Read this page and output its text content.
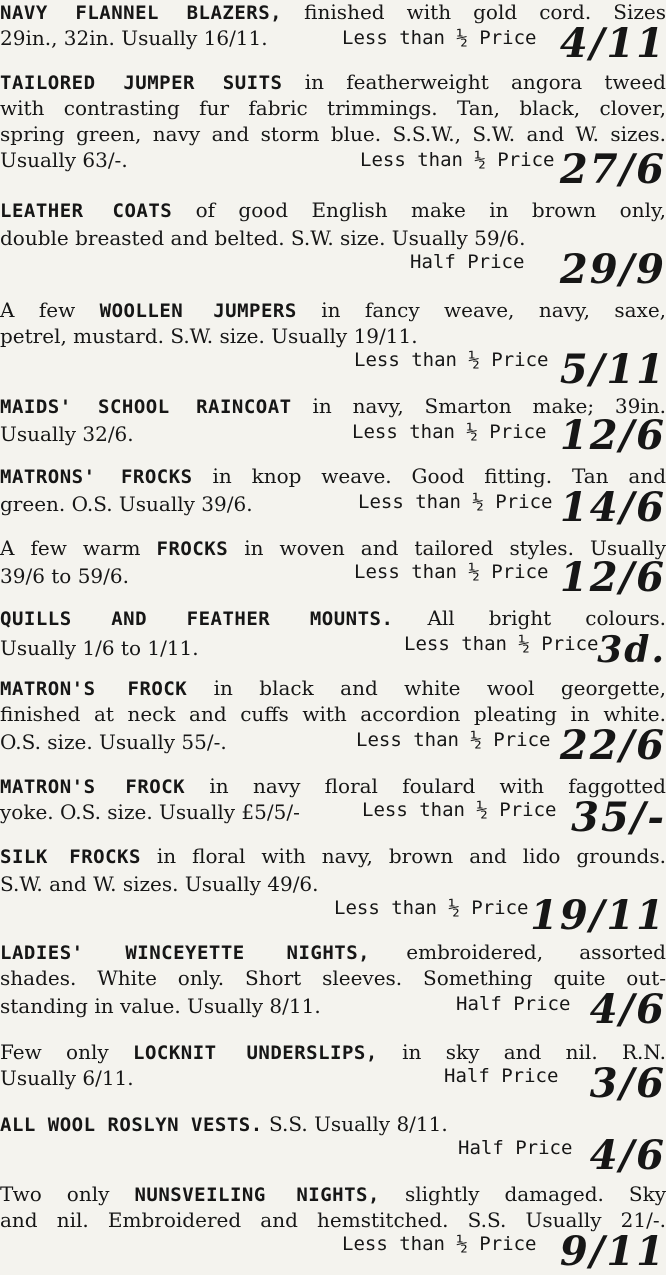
NAVY FLANNEL BLAZERS, finished with gold cord. Sizes
29in., 32in. Usually 16/11.	Less than ½ Price 4/11
TAILORED JUMPER SUITS in featherweight angora tweed
with contrasting fur fabric trimmings. Tan, black, clover,
spring green, navy and storm blue. S.S.W., S.W. and W. sizes.
Usually 63/-.	Less than ½ Price 27/6
LEATHER COATS of good English make in brown only,
double breasted and belted. S.W. size. Usually 59/6.
Half Price 29/9
A few WOOLLEN JUMPERS in fancy weave, navy, saxe,
petrel, mustard. S.W. size. Usually 19/11.
Less than ½ Price 5/11
MAIDS' SCHOOL RAINCOAT in navy, Smarton make; 39in.
Usually 32/6.	Less than ½ Price 12/6
MATRONS' FROCKS in knop weave. Good fitting. Tan and
green. O.S. Usually 39/6.	Less than ½ Price 14/6
A few warm FROCKS in woven and tailored styles. Usually
39/6 to 59/6.	Less than ½ Price 12/6
QUILLS AND FEATHER MOUNTS. All bright colours.
Usually 1/6 to 1/11.	Less than ½ Price
3d.
MATRON'S FROCK in black and white wool georgette,
finished at neck and cuffs with accordion pleating in white.
O.S. size. Usually 55/-.	Less than ½ Price 22/6
MATRON'S FROCK in navy floral foulard with faggotted
yoke. O.S. size. Usually £5/5/-	Less than ½ Price 35/-
SILK FROCKS in floral with navy, brown and lido grounds.
S.W. and W. sizes. Usually 49/6.
Less than ½ Price 19/11
LADIES' WINCEYETTE NIGHTS, embroidered, assorted
shades. White only. Short sleeves. Something quite out-
standing in value. Usually 8/11.	Half Price 4/6
Few only LOCKNIT UNDERSLIPS, in sky and nil. R.N.
Usually 6/11.	Half Price 3/6
ALL WOOL ROSLYN VESTS. S.S. Usually 8/11.
Half Price 4/6
Two only NUNSVEILING NIGHTS, slightly damaged. Sky
and nil. Embroidered and hemstitched. S.S. Usually 21/-.
Less than ½ Price 9/11
